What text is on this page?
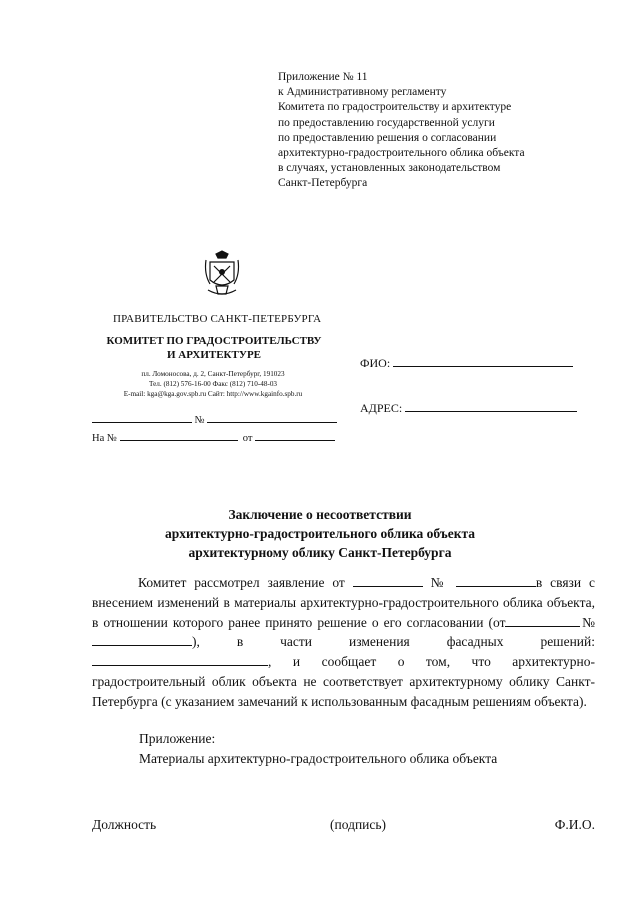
Приложение № 11
к Административному регламенту
Комитета по градостроительству и архитектуре
по предоставлению государственной услуги
по предоставлению решения о согласовании
архитектурно-градостроительного облика объекта
в случаях, установленных законодательством
Санкт-Петербурга
ПРАВИТЕЛЬСТВО САНКТ-ПЕТЕРБУРГА
КОМИТЕТ ПО ГРАДОСТРОИТЕЛЬСТВУ
И АРХИТЕКТУРЕ
пл. Ломоносова, д. 2, Санкт-Петербург, 191023
Тел. (812) 576-16-00 Факс (812) 710-48-03
E-mail: kga@kga.gov.spb.ru Сайт: http://www.kgainfo.spb.ru
№
На №	от
ФИО:
АДРЕС:
Заключение о несоответствии
архитектурно-градостроительного облика объекта
архитектурному облику Санкт-Петербурга

Комитет рассмотрел заявление от	№	в связи с внесением изменений в материалы архитектурно-градостроительного облика объекта, в отношении которого ранее принято решение о его согласовании (от	№), в части изменения фасадных решений: , и сообщает о том, что архитектурно-градостроительный облик объекта не соответствует архитектурному облику Санкт-Петербурга (с указанием замечаний к использованным фасадным решениям объекта).

Приложение:
Материалы архитектурно-градостроительного облика объекта
Должность	(подпись)	Ф.И.О.
